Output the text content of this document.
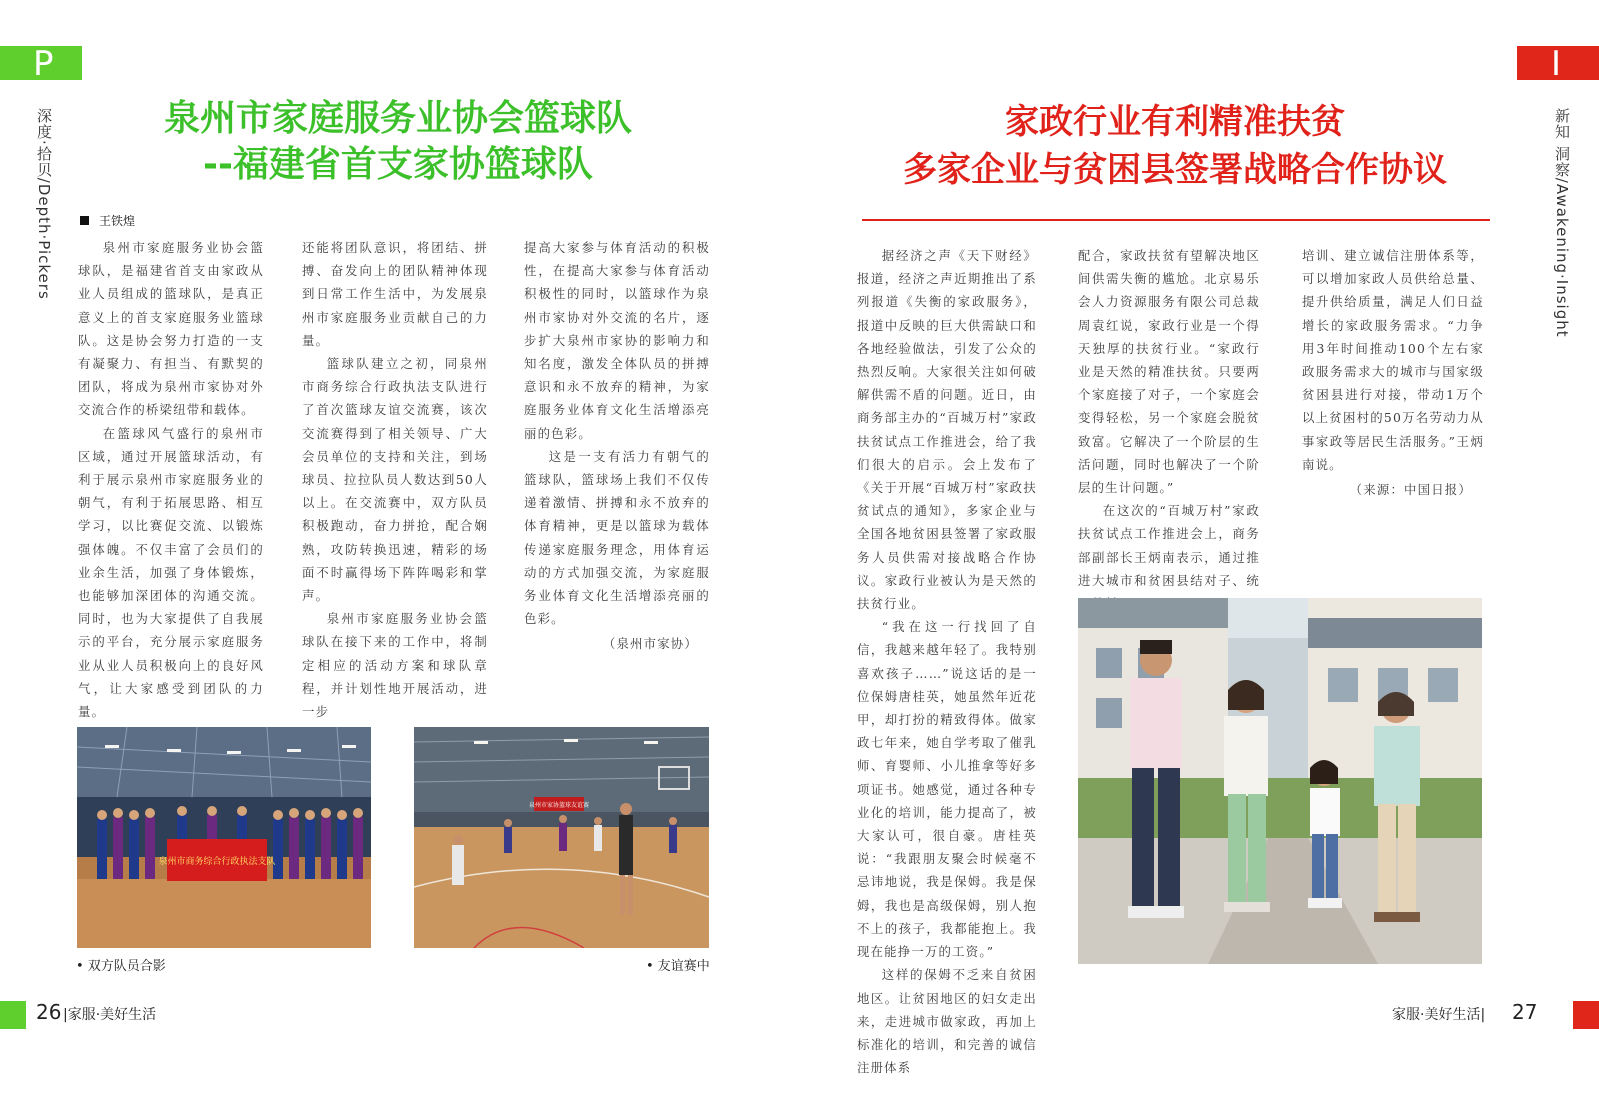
P
深度·拾贝/Depth·Pickers	泉州市家庭服务业协会篮球队
--福建省首支家协篮球队
王铁煌

泉州市家庭服务业协会篮球队，是福建省首支由家政从业人员组成的篮球队，是真正意义上的首支家庭服务业篮球队。这是协会努力打造的一支有凝聚力、有担当、有默契的团队，将成为泉州市家协对外交流合作的桥梁纽带和载体。

在篮球风气盛行的泉州市区域，通过开展篮球活动，有利于展示泉州市家庭服务业的朝气，有利于拓展思路、相互学习，以比赛促交流、以锻炼强体魄。不仅丰富了会员们的业余生活，加强了身体锻炼，也能够加深团体的沟通交流。同时，也为大家提供了自我展示的平台，充分展示家庭服务业从业人员积极向上的良好风气，让大家感受到团队的力量。

还能将团队意识，将团结、拼搏、奋发向上的团队精神体现到日常工作生活中，为发展泉州市家庭服务业贡献自己的力量。

篮球队建立之初，同泉州市商务综合行政执法支队进行了首次篮球友谊交流赛，该次交流赛得到了相关领导、广大会员单位的支持和关注，到场球员、拉拉队员人数达到50人以上。在交流赛中，双方队员积极跑动，奋力拼抢，配合娴熟，攻防转换迅速，精彩的场面不时赢得场下阵阵喝彩和掌声。

泉州市家庭服务业协会篮球队在接下来的工作中，将制定相应的活动方案和球队章程，并计划性地开展活动，进一步

提高大家参与体育活动的积极性，在提高大家参与体育活动积极性的同时，以篮球作为泉州市家协对外交流的名片，逐步扩大泉州市家协的影响力和知名度，激发全体队员的拼搏意识和永不放弃的精神，为家庭服务业体育文化生活增添亮丽的色彩。

这是一支有活力有朝气的篮球队，篮球场上我们不仅传递着激情、拼搏和永不放弃的体育精神，更是以篮球为载体传递家庭服务理念，用体育运动的方式加强交流，为家庭服务业体育文化生活增添亮丽的色彩。

（泉州市家协）

泉州市商务综合行政执法支队
• 双方队员合影
泉州市家协篮球友谊赛
• 友谊赛中
26 |家服·美好生活
I
新知 洞察/Awakening·Insight
家政行业有利精准扶贫
多家企业与贫困县签署战略合作协议

据经济之声《天下财经》报道，经济之声近期推出了系列报道《失衡的家政服务》，报道中反映的巨大供需缺口和各地经验做法，引发了公众的热烈反响。大家很关注如何破解供需不盾的问题。近日，由商务部主办的“百城万村”家政扶贫试点工作推进会，给了我们很大的启示。会上发布了《关于开展“百城万村”家政扶贫试点的通知》，多家企业与全国各地贫困县签署了家政服务人员供需对接战略合作协议。家政行业被认为是天然的扶贫行业。

“我在这一行找回了自信，我越来越年轻了。我特别喜欢孩子……”说这话的是一位保姆唐桂英，她虽然年近花甲，却打扮的精致得体。做家政七年来，她自学考取了催乳师、育婴师、小儿推拿等好多项证书。她感觉，通过各种专业化的培训，能力提高了，被大家认可，很自豪。唐桂英说：“我跟朋友聚会时候毫不忌讳地说，我是保姆。我是保姆，我也是高级保姆，别人抱不上的孩子，我都能抱上。我现在能挣一万的工资。”

这样的保姆不乏来自贫困地区。让贫困地区的妇女走出来，走进城市做家政，再加上标准化的培训，和完善的诚信注册体系

配合，家政扶贫有望解决地区间供需失衡的尴尬。北京易乐会人力资源服务有限公司总裁周袁红说，家政行业是一个得天独厚的扶贫行业。“家政行业是天然的精准扶贫。只要两个家庭接了对子，一个家庭会变得轻松，另一个家庭会脱贫致富。它解决了一个阶层的生活问题，同时也解决了一个阶层的生计问题。”

在这次的“百城万村”家政扶贫试点工作推进会上，商务部副部长王炳南表示，通过推进大城市和贫困县结对子、统

培训、建立诚信注册体系等，可以增加家政人员供给总量、提升供给质量，满足人们日益增长的家政服务需求。“力争用3年时间推动100个左右家政服务需求大的城市与国家级贫困县进行对接，带动1万个以上贫困村的50万名劳动力从事家政等居民生活服务。”王炳南说。

（来源：中国日报）

家服·美好生活| 27
